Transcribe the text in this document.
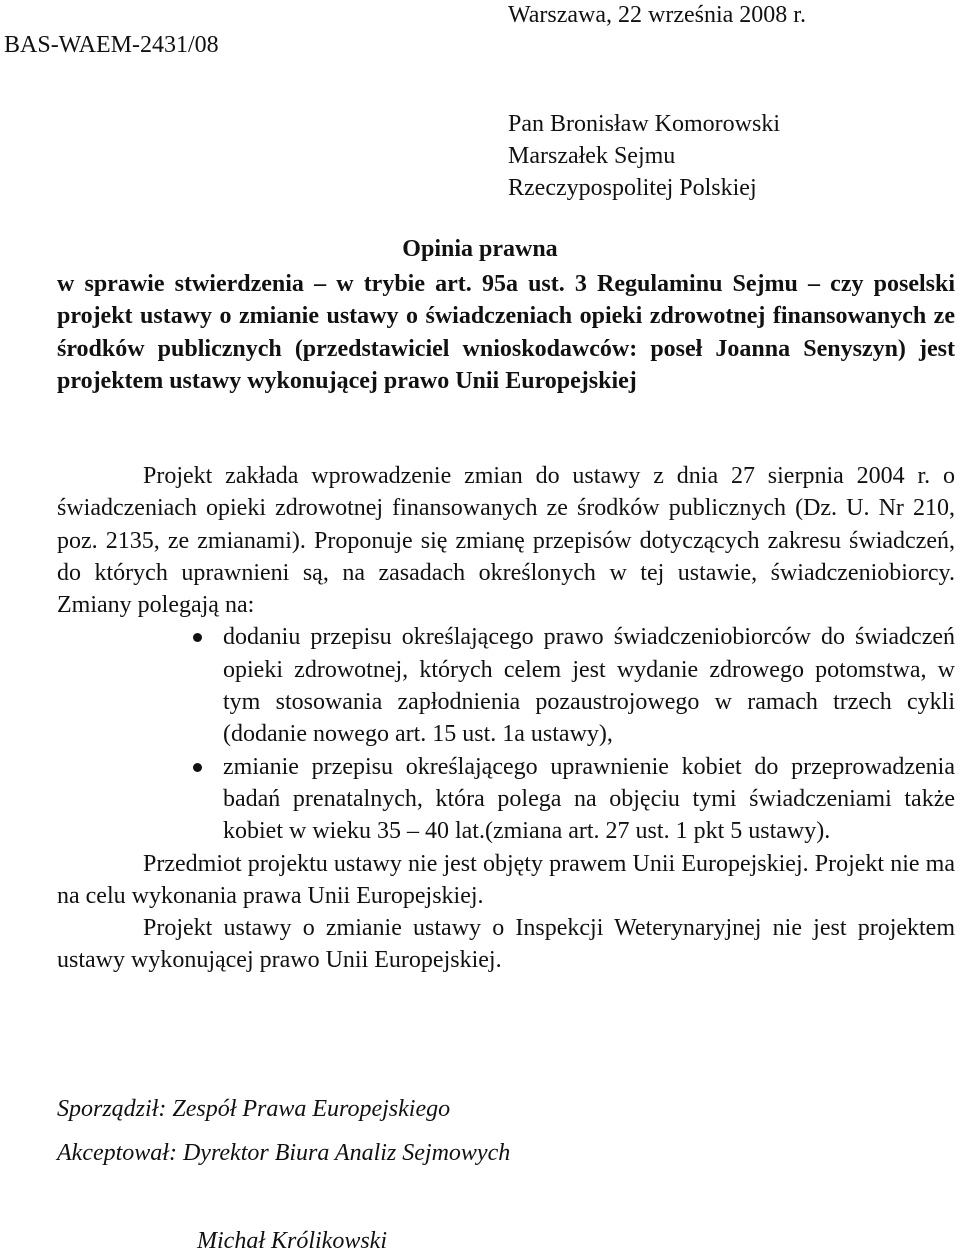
BAS-WAEM-2431/08
Warszawa, 22 września 2008 r.
Pan Bronisław Komorowski
Marszałek Sejmu
Rzeczypospolitej Polskiej
Opinia prawna
w sprawie stwierdzenia – w trybie art. 95a ust. 3 Regulaminu Sejmu – czy poselski projekt ustawy o zmianie ustawy o świadczeniach opieki zdrowotnej finansowanych ze środków publicznych (przedstawiciel wnioskodawców: poseł Joanna Senyszyn) jest projektem ustawy wykonującej prawo Unii Europejskiej

Projekt zakłada wprowadzenie zmian do ustawy z dnia 27 sierpnia 2004 r. o świadczeniach opieki zdrowotnej finansowanych ze środków publicznych (Dz. U. Nr 210, poz. 2135, ze zmianami). Proponuje się zmianę przepisów dotyczących zakresu świadczeń, do których uprawnieni są, na zasadach określonych w tej ustawie, świadczeniobiorcy. Zmiany polegają na:

dodaniu przepisu określającego prawo świadczeniobiorców do świadczeń opieki zdrowotnej, których celem jest wydanie zdrowego potomstwa, w tym stosowania zapłodnienia pozaustrojowego w ramach trzech cykli (dodanie nowego art. 15 ust. 1a ustawy),
zmianie przepisu określającego uprawnienie kobiet do przeprowadzenia badań prenatalnych, która polega na objęciu tymi świadczeniami także kobiet w wieku 35 – 40 lat.(zmiana art. 27 ust. 1 pkt 5 ustawy).

Przedmiot projektu ustawy nie jest objęty prawem Unii Europejskiej. Projekt nie ma na celu wykonania prawa Unii Europejskiej.

Projekt ustawy o zmianie ustawy o Inspekcji Weterynaryjnej nie jest projektem ustawy wykonującej prawo Unii Europejskiej.

Sporządził: Zespół Prawa Europejskiego
Akceptował: Dyrektor Biura Analiz Sejmowych
Michał Królikowski
